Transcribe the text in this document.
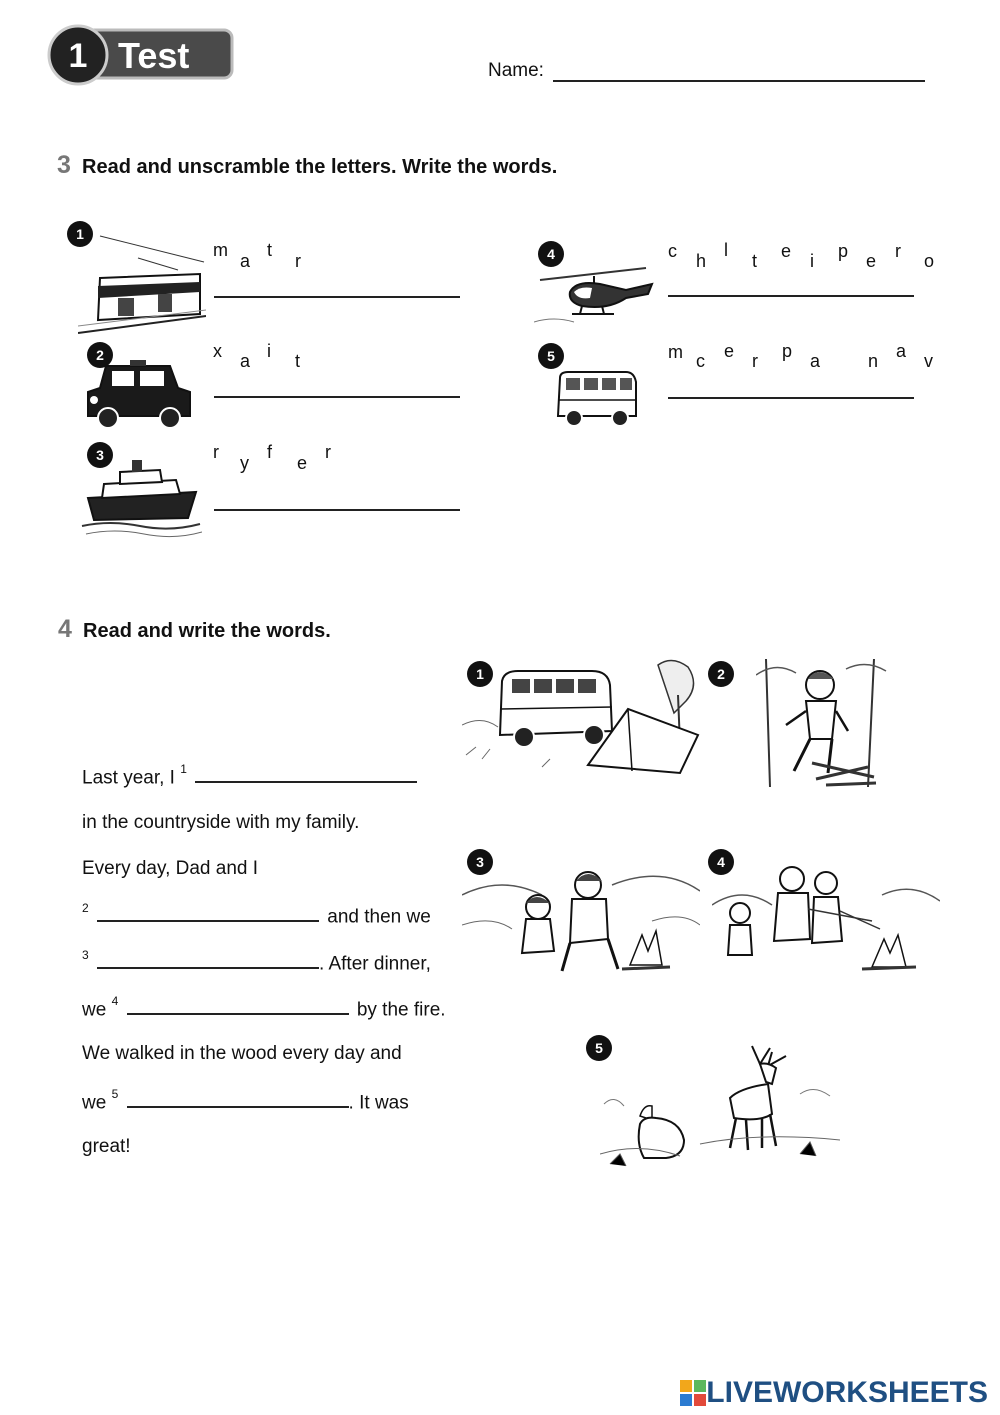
1 Test	Name:
3 Read and unscramble the letters. Write the words.
1
m
a
t
r
2	x a i t
3	r
y
f
e
r
4	c h
l
t e i p e r o
5	m c e r p a	n a v
4 Read and write the words.
Last year, I $^1$
in the countryside with my family.
Every day, Dad and I
$^2$	and then we
$^3$	. After dinner,
we $^4$	by the fire.
We walked in the wood every day and
we $^5$	. It was
great!
1	2
3	4
5
LIVEWORKSHEETS
